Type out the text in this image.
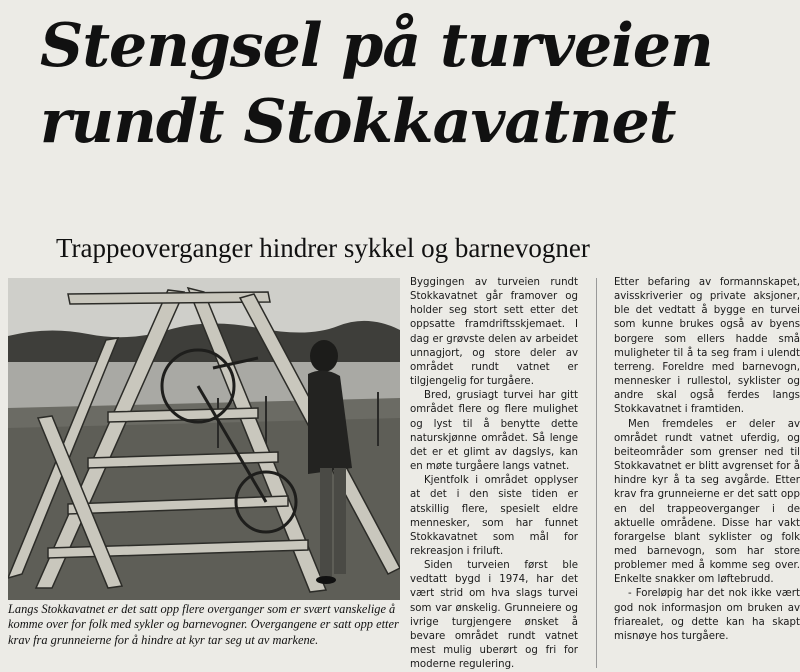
Stengsel på turveien rundt Stokkavatnet
Trappeoverganger hindrer sykkel og barnevogner

Langs Stokkavatnet er det satt opp flere overganger som er svært vanskelige å komme over for folk med sykler og barnevogner. Overgangene er satt opp etter krav fra grunneierne for å hindre at kyr tar seg ut av markene.

Byggingen av turveien rundt Stokkavatnet går framover og holder seg stort sett etter det oppsatte framdriftsskjemaet. I dag er grøvste delen av arbeidet unnagjort, og store deler av området rundt vatnet er tilgjengelig for turgåere.

Bred, grusiagt turvei har gitt området flere og flere mulighet og lyst til å benytte dette naturskjønne området. Så lenge det er et glimt av dagslys, kan en møte turgåere langs vatnet.

Kjentfolk i området opplyser at det i den siste tiden er atskillig flere, spesielt eldre mennesker, som har funnet Stokkavatnet som mål for rekreasjon i friluft.

Siden turveien først ble vedtatt bygd i 1974, har det vært strid om hva slags turvei som var ønskelig. Grunneiere og ivrige turgjengere ønsket å bevare området rundt vatnet mest mulig uberørt og fri for moderne regulering.

Etter befaring av formannskapet, avisskriverier og private aksjoner, ble det vedtatt å bygge en turvei som kunne brukes også av byens borgere som ellers hadde små muligheter til å ta seg fram i ulendt terreng. Foreldre med barnevogn, mennesker i rullestol, syklister og andre skal også ferdes langs Stokkavatnet i framtiden.

Men fremdeles er deler av området rundt vatnet uferdig, og beiteområder som grenser ned til Stokkavatnet er blitt avgrenset for å hindre kyr å ta seg avgårde. Etter krav fra grunneierne er det satt opp en del trappeoverganger i de aktuelle områdene. Disse har vakt forargelse blant syklister og folk med barnevogn, som har store problemer med å komme seg over. Enkelte snakker om løftebrudd.

- Foreløpig har det nok ikke vært god nok informasjon om bruken av friarealet, og dette kan ha skapt misnøye hos turgåere.
